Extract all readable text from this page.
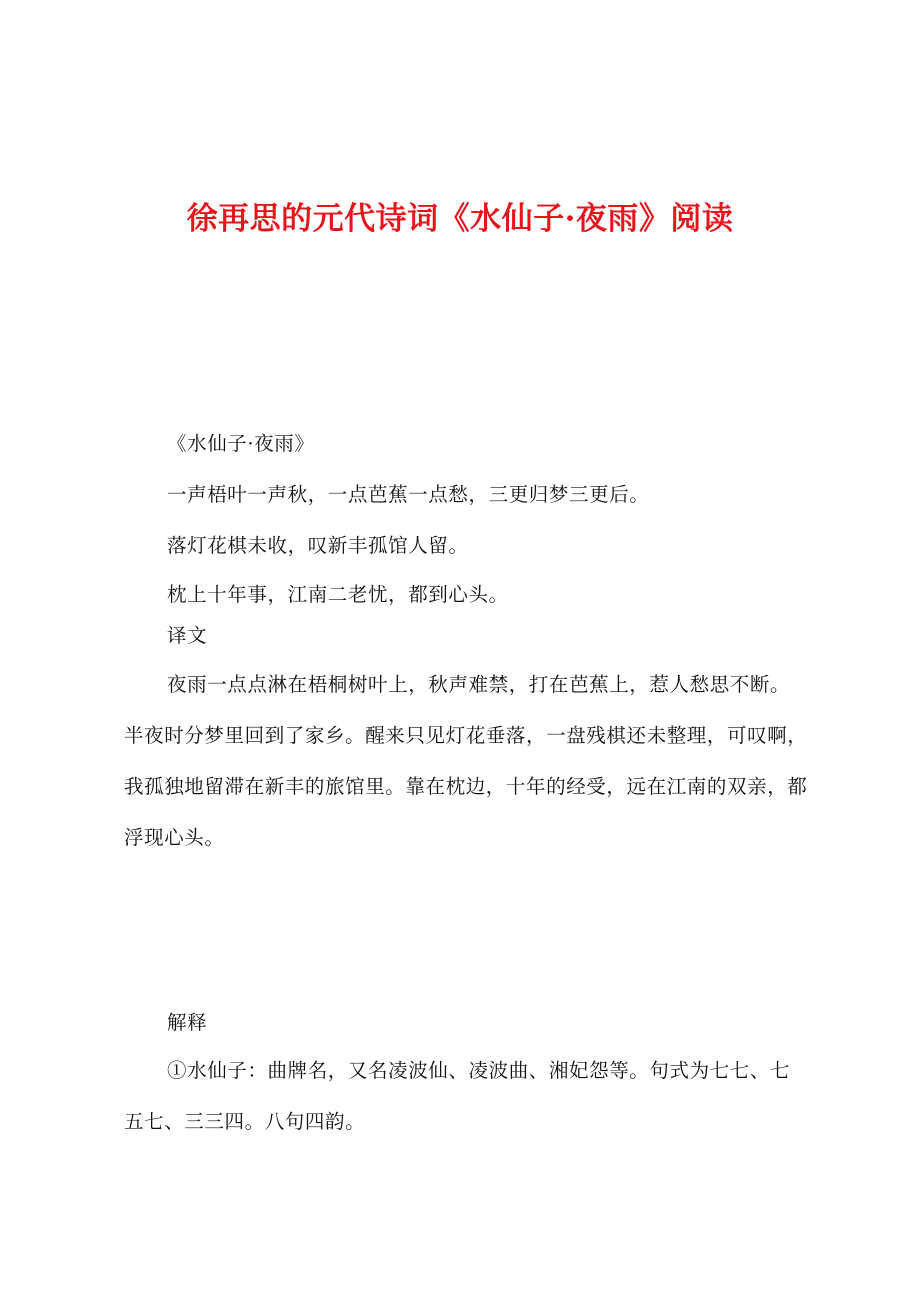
徐再思的元代诗词《水仙子·夜雨》阅读

《水仙子·夜雨》

一声梧叶一声秋，一点芭蕉一点愁，三更归梦三更后。

落灯花棋未收，叹新丰孤馆人留。

枕上十年事，江南二老忧，都到心头。

译文

夜雨一点点淋在梧桐树叶上，秋声难禁，打在芭蕉上，惹人愁思不断。半夜时分梦里回到了家乡。醒来只见灯花垂落，一盘残棋还未整理，可叹啊，我孤独地留滞在新丰的旅馆里。靠在枕边，十年的经受，远在江南的双亲，都浮现心头。

解释

①水仙子：曲牌名，又名凌波仙、凌波曲、湘妃怨等。句式为七七、七五七、三三四。八句四韵。
